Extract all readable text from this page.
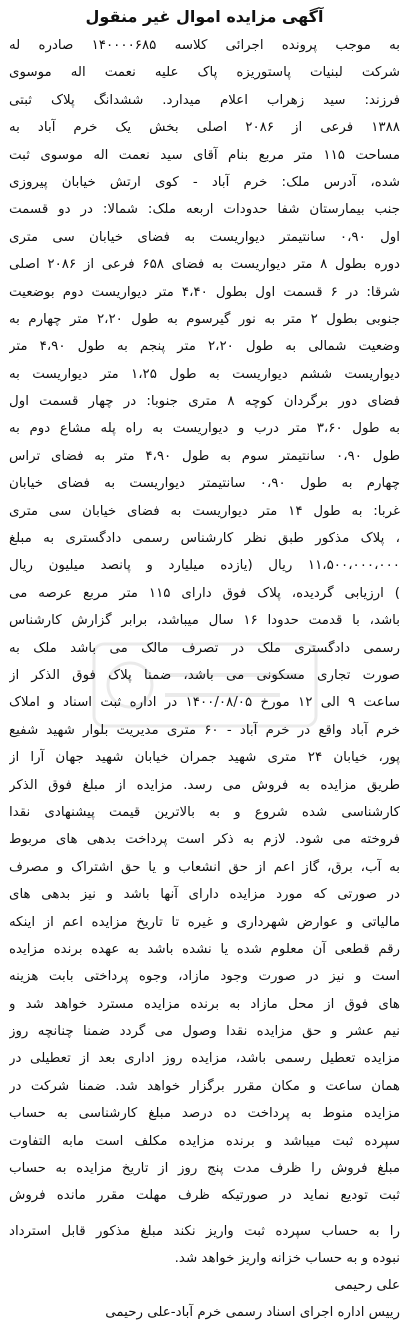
آگهی مزایده اموال غیر منقول
به موجب پرونده اجرائی کلاسه ۱۴۰۰۰۰۶۸۵ صادره له
شرکت لبنیات پاستوریزه پاک علیه نعمت اله موسوی
فرزند: سید زهراب اعلام میدارد. ششدانگ پلاک ثبتی
۱۳۸۸ فرعی از ۲۰۸۶ اصلی بخش یک خرم آباد به
مساحت ۱۱۵ متر مربع بنام آقای سید نعمت اله موسوی ثبت
شده، آدرس ملک: خرم آباد - کوی ارتش خیابان پیروزی
جنب بیمارستان شفا حدودات اربعه ملک: شمالا: در دو قسمت
اول ۰،۹۰ سانتیمتر دیواریست به فضای خیابان سی متری
دوره بطول ۸ متر دیواریست به فضای ۶۵۸ فرعی از ۲۰۸۶ اصلی
شرقا: در ۶ قسمت اول بطول ۴،۴۰ متر دیواریست دوم بوضعیت
جنوبی بطول ۲ متر به نور گیرسوم به طول ۲،۲۰ متر چهارم به
وضعیت شمالی به طول ۲،۲۰ متر پنجم به طول ۴،۹۰ متر
دیواریست ششم دیواریست به طول ۱،۲۵ متر دیواریست به
فضای دور برگردان کوچه ۸ متری جنوبا: در چهار قسمت اول
به طول ۳،۶۰ متر درب و دیواریست به راه پله مشاع دوم به
طول ۰،۹۰ سانتیمتر سوم به طول ۴،۹۰ متر به فضای تراس
چهارم به طول ۰،۹۰ سانتیمتر دیواریست به فضای خیابان
غربا: به طول ۱۴ متر دیواریست به فضای خیابان سی متری
، پلاک مذکور طبق نظر کارشناس رسمی دادگستری به مبلغ
۱۱،۵۰۰،۰۰۰،۰۰۰ ریال (یازده میلیارد و پانصد میلیون ریال
) ارزیابی گردیده، پلاک فوق دارای ۱۱۵ متر مربع عرصه می
باشد، با قدمت حدودا ۱۶ سال میباشد، برابر گزارش کارشناس
رسمی دادگستری ملک در تصرف مالک می باشد ملک به
صورت تجاری مسکونی می باشد، ضمنا پلاک فوق الذکر از
ساعت ۹ الی ۱۲ مورخ ۱۴۰۰/۰۸/۰۵ در اداره ثبت اسناد و املاک
خرم آباد واقع در خرم آباد - ۶۰ متری مدیریت بلوار شهید شفیع
پور، خیابان ۲۴ متری شهید جمران خیابان شهید جهان آرا از
طریق مزایده به فروش می رسد. مزایده از مبلغ فوق الذکر
کارشناسی شده شروع و به بالاترین قیمت پیشنهادی نقدا
فروخته می شود. لازم به ذکر است پرداخت بدهی های مربوط
به آب، برق، گاز اعم از حق انشعاب و یا حق اشتراک و مصرف
در صورتی که مورد مزایده دارای آنها باشد و نیز بدهی های
مالیاتی و عوارض شهرداری و غیره تا تاریخ مزایده اعم از اینکه
رقم قطعی آن معلوم شده یا نشده باشد به عهده برنده مزایده
است و نیز در صورت وجود مازاد، وجوه پرداختی بابت هزینه
های فوق از محل مازاد به برنده مزایده مسترد خواهد شد و
نیم عشر و حق مزایده نقدا وصول می گردد ضمنا چنانچه روز
مزایده تعطیل رسمی باشد، مزایده روز اداری بعد از تعطیلی در
همان ساعت و مکان مقرر برگزار خواهد شد. ضمنا شرکت در
مزایده منوط به پرداخت ده درصد مبلغ کارشناسی به حساب
سپرده ثبت میباشد و برنده مزایده مکلف است مابه التفاوت
مبلغ فروش را ظرف مدت پنج روز از تاریخ مزایده به حساب
ثبت تودیع نماید در صورتیکه ظرف مهلت مقرر مانده فروش
را به حساب سپرده ثبت واریز نکند مبلغ مذکور قابل استرداد
نبوده و به حساب خزانه واریز خواهد شد.
علی رحیمی
رییس اداره اجرای اسناد رسمی خرم آباد-علی رحیمی
